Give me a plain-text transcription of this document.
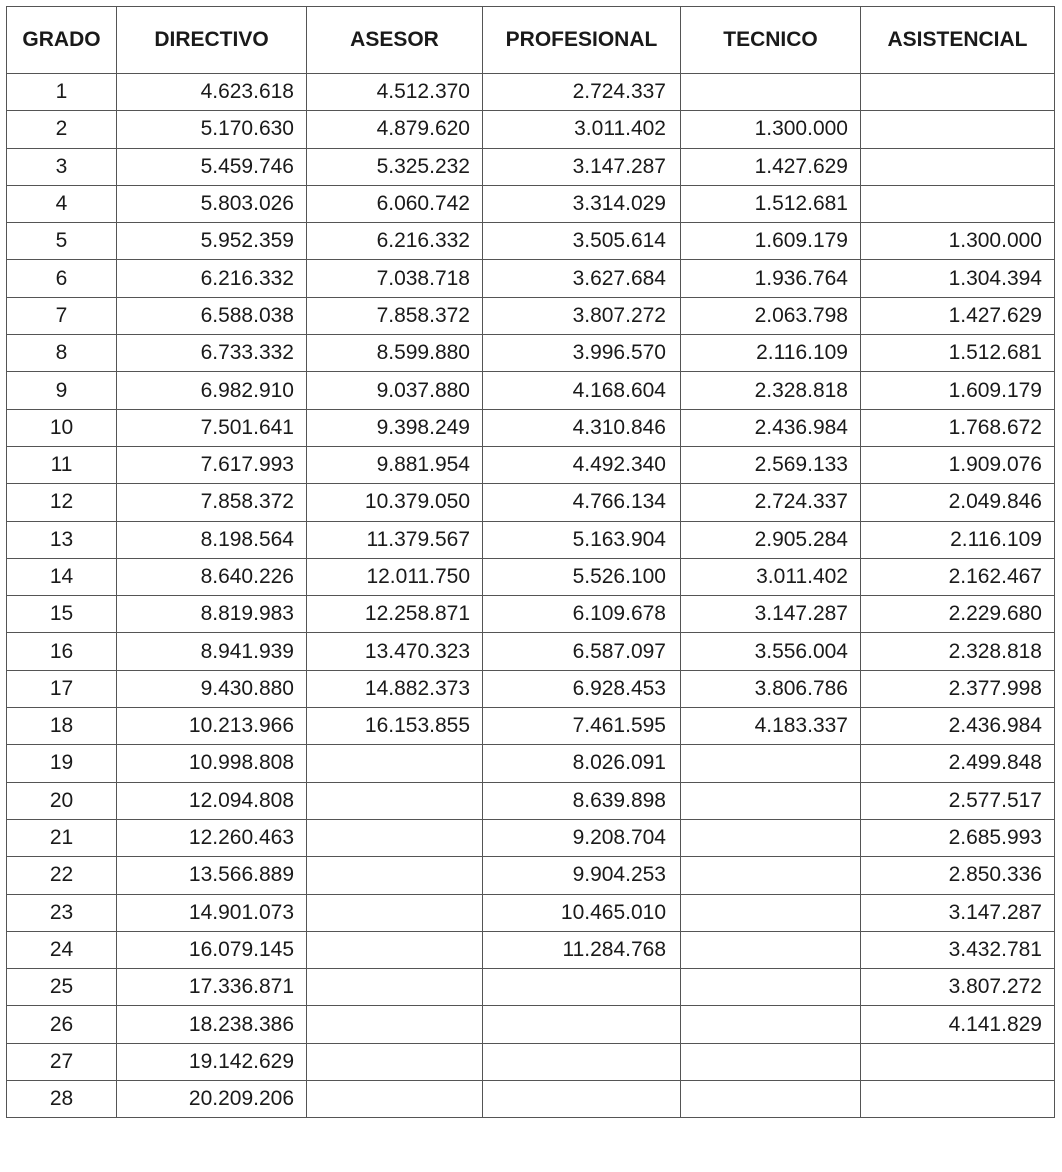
GRADO	DIRECTIVO	ASESOR	PROFESIONAL	TECNICO	ASISTENCIAL
1	4.623.618	4.512.370	2.724.337		
2	5.170.630	4.879.620	3.011.402	1.300.000	
3	5.459.746	5.325.232	3.147.287	1.427.629	
4	5.803.026	6.060.742	3.314.029	1.512.681	
5	5.952.359	6.216.332	3.505.614	1.609.179	1.300.000
6	6.216.332	7.038.718	3.627.684	1.936.764	1.304.394
7	6.588.038	7.858.372	3.807.272	2.063.798	1.427.629
8	6.733.332	8.599.880	3.996.570	2.116.109	1.512.681
9	6.982.910	9.037.880	4.168.604	2.328.818	1.609.179
10	7.501.641	9.398.249	4.310.846	2.436.984	1.768.672
11	7.617.993	9.881.954	4.492.340	2.569.133	1.909.076
12	7.858.372	10.379.050	4.766.134	2.724.337	2.049.846
13	8.198.564	11.379.567	5.163.904	2.905.284	2.116.109
14	8.640.226	12.011.750	5.526.100	3.011.402	2.162.467
15	8.819.983	12.258.871	6.109.678	3.147.287	2.229.680
16	8.941.939	13.470.323	6.587.097	3.556.004	2.328.818
17	9.430.880	14.882.373	6.928.453	3.806.786	2.377.998
18	10.213.966	16.153.855	7.461.595	4.183.337	2.436.984
19	10.998.808		8.026.091		2.499.848
20	12.094.808		8.639.898		2.577.517
21	12.260.463		9.208.704		2.685.993
22	13.566.889		9.904.253		2.850.336
23	14.901.073		10.465.010		3.147.287
24	16.079.145		11.284.768		3.432.781
25	17.336.871				3.807.272
26	18.238.386				4.141.829
27	19.142.629				
28	20.209.206				
